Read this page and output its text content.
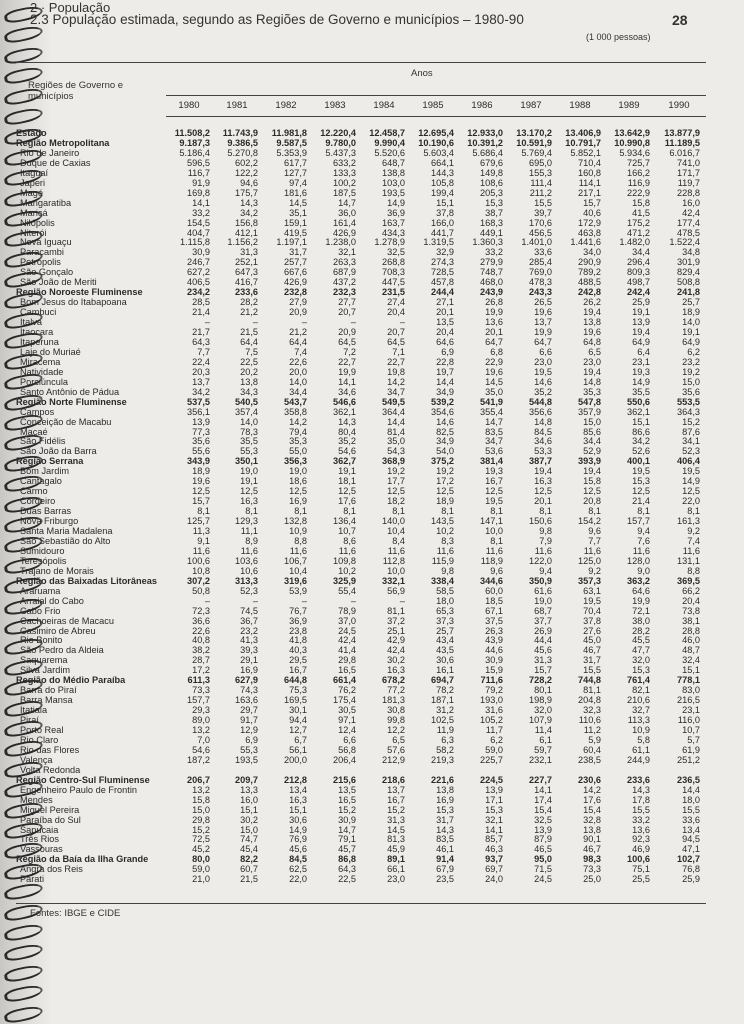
2 · População
2.3 População estimada, segundo as Regiões de Governo e municípios – 1980-90	28
(1 000 pessoas)
Anos
Regiões de Governo e municípios
1980	1981	1982	1983	1984	1985	1986	1987	1988	1989	1990
Estado	11.508,2	11.743,9	11.981,8	12.220,4	12.458,7	12.695,4	12.933,0	13.170,2	13.406,9	13.642,9	13.877,9
Região Metropolitana	9.187,3	9.386,5	9.587,5	9.780,0	9.990,4	10.190,6	10.391,2	10.591,9	10.791,7	10.990,8	11.189,5
Rio de Janeiro	5.186,4	5.270,8	5.353,9	5.437,3	5.520,6	5.603,4	5.686,4	5.769,4	5.852,1	5.934,6	6.016,7
Duque de Caxias	596,5	602,2	617,7	633,2	648,7	664,1	679,6	695,0	710,4	725,7	741,0
Itaguaí	116,7	122,2	127,7	133,3	138,8	144,3	149,8	155,3	160,8	166,2	171,7
Japeri	91,9	94,6	97,4	100,2	103,0	105,8	108,6	111,4	114,1	116,9	119,7
Magé	169,8	175,7	181,6	187,5	193,5	199,4	205,3	211,2	217,1	222,9	228,8
Mangaratiba	14,1	14,3	14,5	14,7	14,9	15,1	15,3	15,5	15,7	15,8	16,0
Maricá	33,2	34,2	35,1	36,0	36,9	37,8	38,7	39,7	40,6	41,5	42,4
Nilópolis	154,5	156,8	159,1	161,4	163,7	166,0	168,3	170,6	172,9	175,2	177,4
Niterói	404,7	412,1	419,5	426,9	434,3	441,7	449,1	456,5	463,8	471,2	478,5
Nova Iguaçu	1.115,8	1.156,2	1.197,1	1.238,0	1.278,9	1.319,5	1.360,3	1.401,0	1.441,6	1.482,0	1.522,4
Paracambi	30,9	31,3	31,7	32,1	32,5	32,9	33,2	33,6	34,0	34,4	34,8
Petrópolis	246,7	252,1	257,7	263,3	268,8	274,3	279,9	285,4	290,9	296,4	301,9
São Gonçalo	627,2	647,3	667,6	687,9	708,3	728,5	748,7	769,0	789,2	809,3	829,4
São João de Meriti	406,5	416,7	426,9	437,2	447,5	457,8	468,0	478,3	488,5	498,7	508,8
Região Noroeste Fluminense	234,2	233,6	232,8	232,3	231,5	244,4	243,9	243,3	242,8	242,4	241,8
Bom Jesus do Itabapoana	28,5	28,2	27,9	27,7	27,4	27,1	26,8	26,5	26,2	25,9	25,7
Cambuci	21,4	21,2	20,9	20,7	20,4	20,1	19,9	19,6	19,4	19,1	18,9
Italva	–	–	–	–	–	13,5	13,6	13,7	13,8	13,9	14,0
Itaocara	21,7	21,5	21,2	20,9	20,7	20,4	20,1	19,9	19,6	19,4	19,1
Itaperuna	64,3	64,4	64,4	64,5	64,5	64,6	64,7	64,7	64,8	64,9	64,9
Laje do Muriaé	7,7	7,5	7,4	7,2	7,1	6,9	6,8	6,6	6,5	6,4	6,2
Miracema	22,4	22,5	22,6	22,7	22,7	22,8	22,9	23,0	23,0	23,1	23,2
Natividade	20,3	20,2	20,0	19,9	19,8	19,7	19,6	19,5	19,4	19,3	19,2
Porciúncula	13,7	13,8	14,0	14,1	14,2	14,4	14,5	14,6	14,8	14,9	15,0
Santo Antônio de Pádua	34,2	34,3	34,4	34,6	34,7	34,9	35,0	35,2	35,3	35,5	35,6
Região Norte Fluminense	537,5	540,5	543,7	546,6	549,5	539,2	541,9	544,8	547,8	550,6	553,5
Campos	356,1	357,4	358,8	362,1	364,4	354,6	355,4	356,6	357,9	362,1	364,3
Conceição de Macabu	13,9	14,0	14,2	14,3	14,4	14,6	14,7	14,8	15,0	15,1	15,2
Macaé	77,3	78,3	79,4	80,4	81,4	82,5	83,5	84,5	85,6	86,6	87,6
São Fidélis	35,6	35,5	35,3	35,2	35,0	34,9	34,7	34,6	34,4	34,2	34,1
São João da Barra	55,6	55,3	55,0	54,6	54,3	54,0	53,6	53,3	52,9	52,6	52,3
Região Serrana	343,9	350,1	356,3	362,7	368,9	375,2	381,4	387,7	393,9	400,1	406,4
Bom Jardim	18,9	19,0	19,0	19,1	19,2	19,2	19,3	19,4	19,4	19,5	19,5
Cantagalo	19,6	19,1	18,6	18,1	17,7	17,2	16,7	16,3	15,8	15,3	14,9
Carmo	12,5	12,5	12,5	12,5	12,5	12,5	12,5	12,5	12,5	12,5	12,5
Cordeiro	15,7	16,3	16,9	17,6	18,2	18,9	19,5	20,1	20,8	21,4	22,0
Duas Barras	8,1	8,1	8,1	8,1	8,1	8,1	8,1	8,1	8,1	8,1	8,1
Nova Friburgo	125,7	129,3	132,8	136,4	140,0	143,5	147,1	150,6	154,2	157,7	161,3
Santa Maria Madalena	11,3	11,1	10,9	10,7	10,4	10,2	10,0	9,8	9,6	9,4	9,2
São Sebastião do Alto	9,1	8,9	8,8	8,6	8,4	8,3	8,1	7,9	7,7	7,6	7,4
Sumidouro	11,6	11,6	11,6	11,6	11,6	11,6	11,6	11,6	11,6	11,6	11,6
Teresópolis	100,6	103,6	106,7	109,8	112,8	115,9	118,9	122,0	125,0	128,0	131,1
Trajano de Morais	10,8	10,6	10,4	10,2	10,0	9,8	9,6	9,4	9,2	9,0	8,8
Região das Baixadas Litorâneas	307,2	313,3	319,6	325,9	332,1	338,4	344,6	350,9	357,3	363,2	369,5
Araruama	50,8	52,3	53,9	55,4	56,9	58,5	60,0	61,6	63,1	64,6	66,2
Arraial do Cabo	–	–	–	–	–	18,0	18,5	19,0	19,5	19,9	20,4
Cabo Frio	72,3	74,5	76,7	78,9	81,1	65,3	67,1	68,7	70,4	72,1	73,8
Cachoeiras de Macacu	36,6	36,7	36,9	37,0	37,2	37,3	37,5	37,7	37,8	38,0	38,1
Casimiro de Abreu	22,6	23,2	23,8	24,5	25,1	25,7	26,3	26,9	27,6	28,2	28,8
Rio Bonito	40,8	41,3	41,8	42,4	42,9	43,4	43,9	44,4	45,0	45,5	46,0
São Pedro da Aldeia	38,2	39,3	40,3	41,4	42,4	43,5	44,6	45,6	46,7	47,7	48,7
Saquarema	28,7	29,1	29,5	29,8	30,2	30,6	30,9	31,3	31,7	32,0	32,4
Silva Jardim	17,2	16,9	16,7	16,5	16,3	16,1	15,9	15,7	15,5	15,3	15,1
Região do Médio Paraíba	611,3	627,9	644,8	661,4	678,2	694,7	711,6	728,2	744,8	761,4	778,1
Barra do Piraí	73,3	74,3	75,3	76,2	77,2	78,2	79,2	80,1	81,1	82,1	83,0
Barra Mansa	157,7	163,6	169,5	175,4	181,3	187,1	193,0	198,9	204,8	210,6	216,5
Itatiaia	29,3	29,7	30,1	30,5	30,8	31,2	31,6	32,0	32,3	32,7	23,1
Piraí	89,0	91,7	94,4	97,1	99,8	102,5	105,2	107,9	110,6	113,3	116,0
Porto Real	13,2	12,9	12,7	12,4	12,2	11,9	11,7	11,4	11,2	10,9	10,7
Rio Claro	7,0	6,9	6,7	6,6	6,5	6,3	6,2	6,1	5,9	5,8	5,7
Rio das Flores	54,6	55,3	56,1	56,8	57,6	58,2	59,0	59,7	60,4	61,1	61,9
Valença	187,2	193,5	200,0	206,4	212,9	219,3	225,7	232,1	238,5	244,9	251,2
Volta Redonda
Região Centro-Sul Fluminense	206,7	209,7	212,8	215,6	218,6	221,6	224,5	227,7	230,6	233,6	236,5
Engenheiro Paulo de Frontin	13,2	13,3	13,4	13,5	13,7	13,8	13,9	14,1	14,2	14,3	14,4
Mendes	15,8	16,0	16,3	16,5	16,7	16,9	17,1	17,4	17,6	17,8	18,0
Miguel Pereira	15,0	15,1	15,1	15,2	15,2	15,3	15,3	15,4	15,4	15,5	15,5
Paraíba do Sul	29,8	30,2	30,6	30,9	31,3	31,7	32,1	32,5	32,8	33,2	33,6
Sapucaia	15,2	15,0	14,9	14,7	14,5	14,3	14,1	13,9	13,8	13,6	13,4
Três Rios	72,5	74,7	76,9	79,1	81,3	83,5	85,7	87,9	90,1	92,3	94,5
Vassouras	45,2	45,4	45,6	45,7	45,9	46,1	46,3	46,5	46,7	46,9	47,1
Região da Baía da Ilha Grande	80,0	82,2	84,5	86,8	89,1	91,4	93,7	95,0	98,3	100,6	102,7
Angra dos Reis	59,0	60,7	62,5	64,3	66,1	67,9	69,7	71,5	73,3	75,1	76,8
Parati	21,0	21,5	22,0	22,5	23,0	23,5	24,0	24,5	25,0	25,5	25,9
Fontes: IBGE e CIDE
